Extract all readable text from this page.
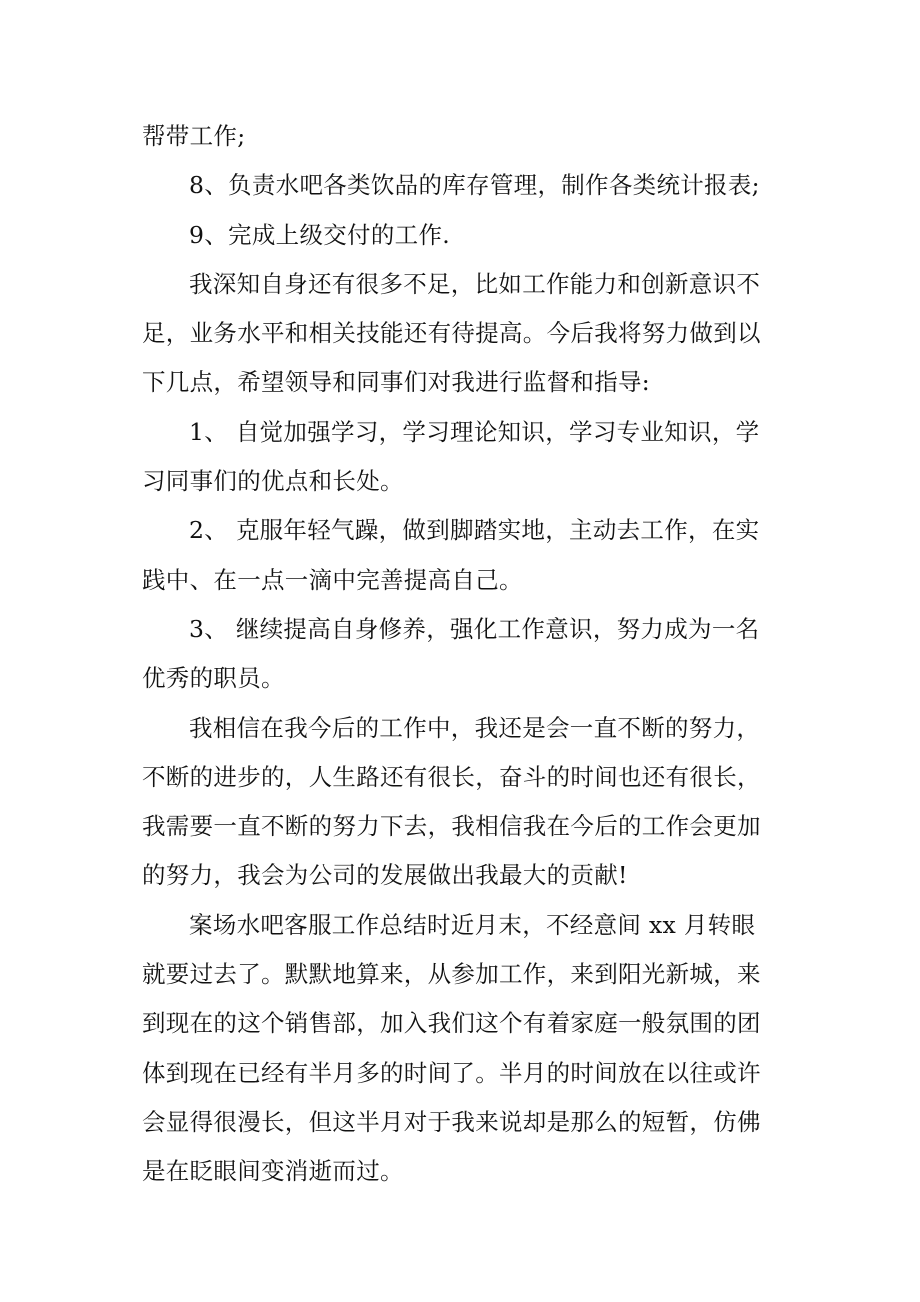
帮带工作;

8、负责水吧各类饮品的库存管理，制作各类统计报表;

9、完成上级交付的工作.

我深知自身还有很多不足，比如工作能力和创新意识不
足，业务水平和相关技能还有待提高。今后我将努力做到以
下几点，希望领导和同事们对我进行监督和指导:

1、 自觉加强学习，学习理论知识，学习专业知识，学
习同事们的优点和长处。

2、 克服年轻气躁，做到脚踏实地，主动去工作，在实
践中、在一点一滴中完善提高自己。

3、 继续提高自身修养，强化工作意识，努力成为一名
优秀的职员。

我相信在我今后的工作中，我还是会一直不断的努力，
不断的进步的，人生路还有很长，奋斗的时间也还有很长，
我需要一直不断的努力下去，我相信我在今后的工作会更加
的努力，我会为公司的发展做出我最大的贡献!

案场水吧客服工作总结时近月末，不经意间 xx 月转眼
就要过去了。默默地算来，从参加工作，来到阳光新城，来
到现在的这个销售部，加入我们这个有着家庭一般氛围的团
体到现在已经有半月多的时间了。半月的时间放在以往或许
会显得很漫长，但这半月对于我来说却是那么的短暂，仿佛
是在眨眼间变消逝而过。
